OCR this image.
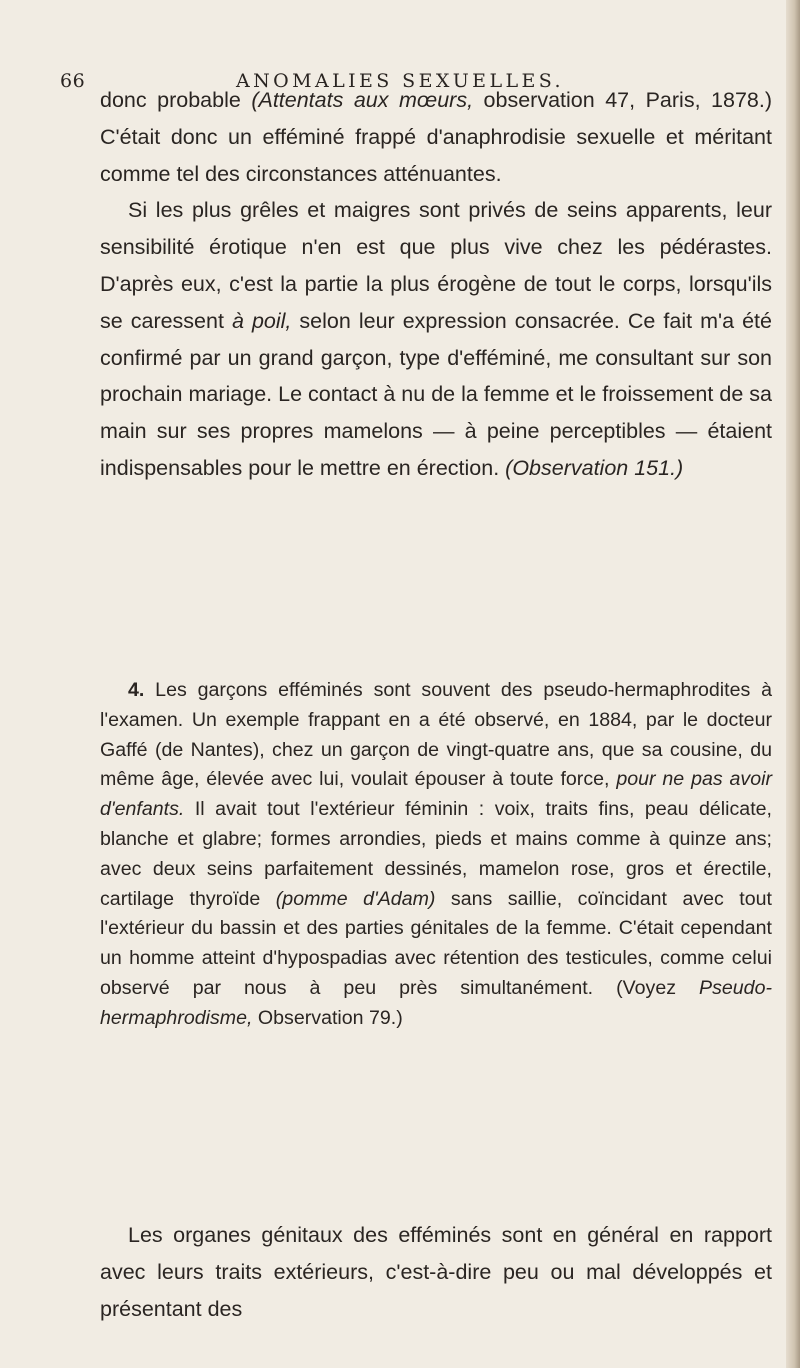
66	ANOMALIES SEXUELLES.

donc probable (Attentats aux mœurs, observation 47, Paris, 1878.) C'était donc un efféminé frappé d'anaphrodisie sexuelle et méritant comme tel des circonstances atténuantes.

Si les plus grêles et maigres sont privés de seins apparents, leur sensibilité érotique n'en est que plus vive chez les pédérastes. D'après eux, c'est la partie la plus érogène de tout le corps, lorsqu'ils se caressent à poil, selon leur expression consacrée. Ce fait m'a été confirmé par un grand garçon, type d'efféminé, me consultant sur son prochain mariage. Le contact à nu de la femme et le froissement de sa main sur ses propres mamelons — à peine perceptibles — étaient indispensables pour le mettre en érection. (Observation 151.)

4. Les garçons efféminés sont souvent des pseudo-hermaphrodites à l'examen. Un exemple frappant en a été observé, en 1884, par le docteur Gaffé (de Nantes), chez un garçon de vingt-quatre ans, que sa cousine, du même âge, élevée avec lui, voulait épouser à toute force, pour ne pas avoir d'enfants. Il avait tout l'extérieur féminin : voix, traits fins, peau délicate, blanche et glabre; formes arrondies, pieds et mains comme à quinze ans; avec deux seins parfaitement dessinés, mamelon rose, gros et érectile, cartilage thyroïde (pomme d'Adam) sans saillie, coïncidant avec tout l'extérieur du bassin et des parties génitales de la femme. C'était cependant un homme atteint d'hypospadias avec rétention des testicules, comme celui observé par nous à peu près simultanément. (Voyez Pseudo-hermaphrodisme, Observation 79.)

Les organes génitaux des efféminés sont en général en rapport avec leurs traits extérieurs, c'est-à-dire peu ou mal développés et présentant des
